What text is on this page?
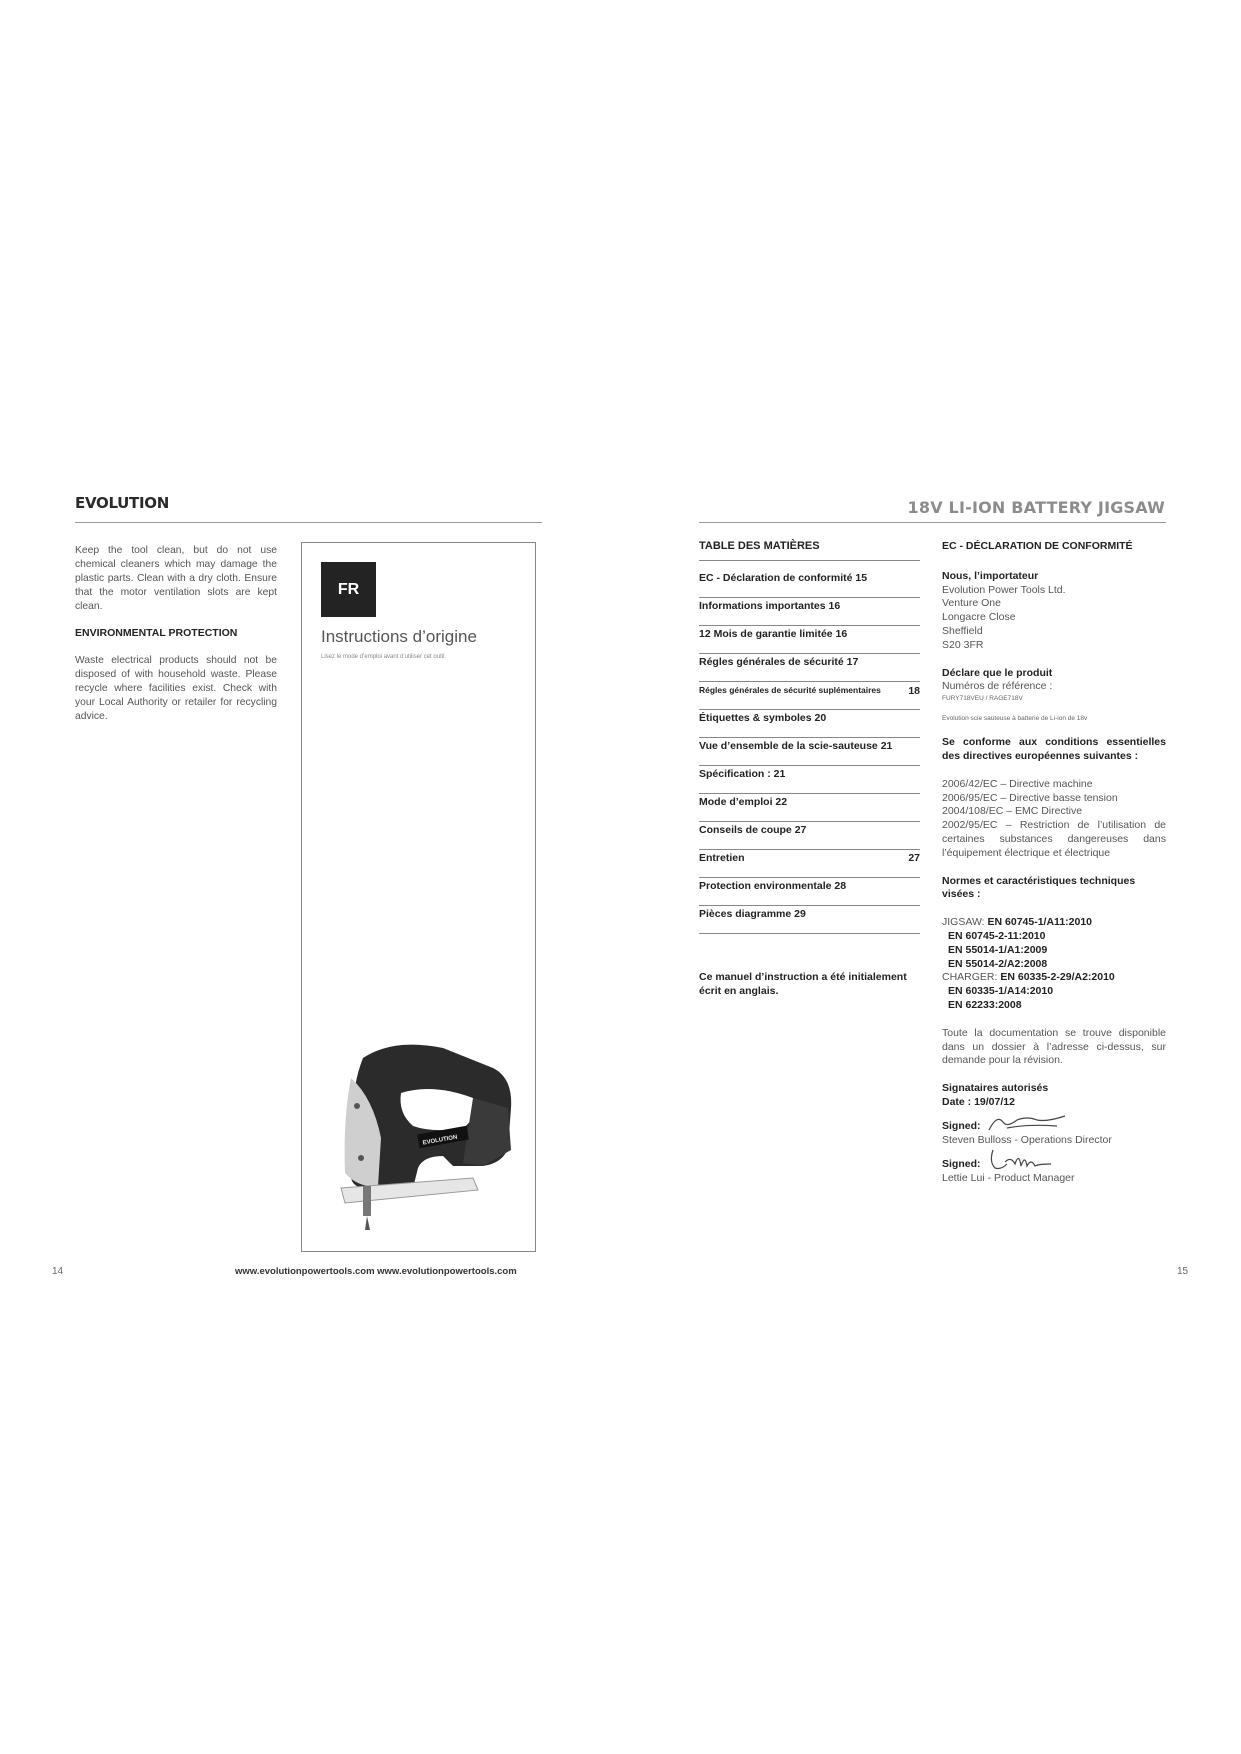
EVOLUTION	18V LI-ION BATTERY JIGSAW
Keep the tool clean, but do not use chemical cleaners which may damage the plastic parts. Clean with a dry cloth. Ensure that the motor ventilation slots are kept clean.
ENVIRONMENTAL PROTECTION
Waste electrical products should not be disposed of with household waste. Please recycle where facilities exist. Check with your Local Authority or retailer for recycling advice.
FR
Instructions d’origine
Lisez le mode d’emploi avant d’utiliser cet outil.
EVOLUTION
TABLE DES MATIÈRES
EC - Déclaration de conformité 15
Informations importantes 16
12 Mois de garantie limitée 16
Régles générales de sécurité 17
Régles générales de sécurité suplémentaires	18
Étiquettes & symboles 20
Vue d’ensemble de la scie-sauteuse 21
Spécification : 21
Mode d’emploi 22
Conseils de coupe 27
Entretien	27
Protection environmentale 28
Pièces diagramme 29
Ce manuel d’instruction a été initialement écrit en anglais.
EC - DÉCLARATION DE CONFORMITÉ
Nous, l’importateur
Evolution Power Tools Ltd.
Venture One
Longacre Close
Sheffield
S20 3FR
Déclare que le produit
Numéros de référence :
FURY718VEU / RAGE718V
Evolution scie sauteuse à batterie de Li-ion de 18v
Se conforme aux conditions essentielles des directives européennes suivantes :
2006/42/EC – Directive machine
2006/95/EC – Directive basse tension
2004/108/EC – EMC Directive
2002/95/EC – Restriction de l’utilisation de certaines substances dangereuses dans l’équipement électrique et électrique
Normes et caractéristiques techniques visées :
JIGSAW: EN 60745-1/A11:2010
EN 60745-2-11:2010
EN 55014-1/A1:2009
EN 55014-2/A2:2008
CHARGER: EN 60335-2-29/A2:2010
EN 60335-1/A14:2010
EN 62233:2008
Toute la documentation se trouve disponible dans un dossier à l’adresse ci-dessus, sur demande pour la révision.
Signataires autorisés
Date : 19/07/12
Signed:
Steven Bulloss - Operations Director
Signed:
Lettie Lui - Product Manager
14	www.evolutionpowertools.com www.evolutionpowertools.com	15
